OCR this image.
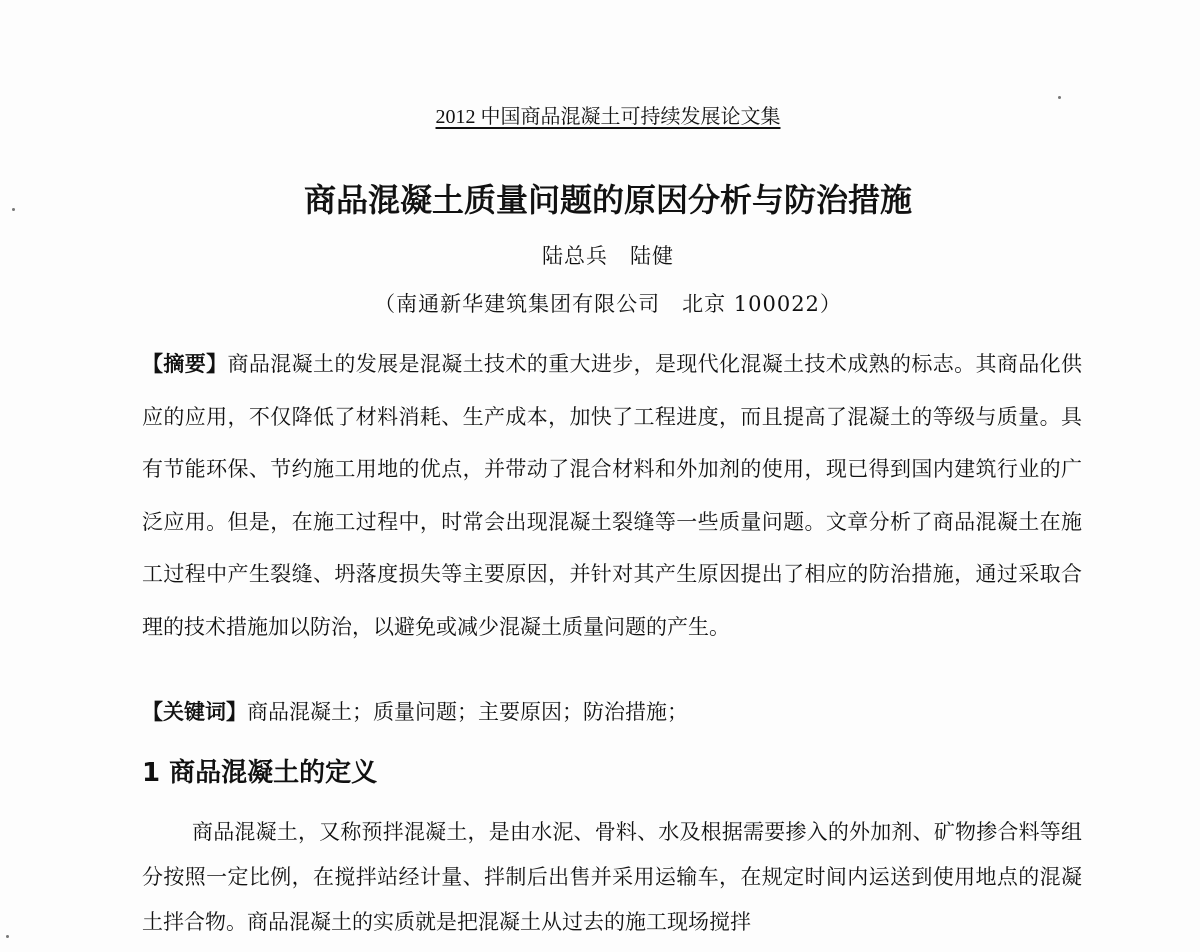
2012 中国商品混凝土可持续发展论文集
商品混凝土质量问题的原因分析与防治措施
陆总兵　陆健
（南通新华建筑集团有限公司　北京 100022）
【摘要】商品混凝土的发展是混凝土技术的重大进步，是现代化混凝土技术成熟的标志。其商品化供应的应用，不仅降低了材料消耗、生产成本，加快了工程进度，而且提高了混凝土的等级与质量。具有节能环保、节约施工用地的优点，并带动了混合材料和外加剂的使用，现已得到国内建筑行业的广泛应用。但是，在施工过程中，时常会出现混凝土裂缝等一些质量问题。文章分析了商品混凝土在施工过程中产生裂缝、坍落度损失等主要原因，并针对其产生原因提出了相应的防治措施，通过采取合理的技术措施加以防治，以避免或减少混凝土质量问题的产生。
【关键词】商品混凝土；质量问题；主要原因；防治措施；
1 商品混凝土的定义
商品混凝土，又称预拌混凝土，是由水泥、骨料、水及根据需要掺入的外加剂、矿物掺合料等组分按照一定比例，在搅拌站经计量、拌制后出售并采用运输车，在规定时间内运送到使用地点的混凝土拌合物。商品混凝土的实质就是把混凝土从过去的施工现场搅拌
